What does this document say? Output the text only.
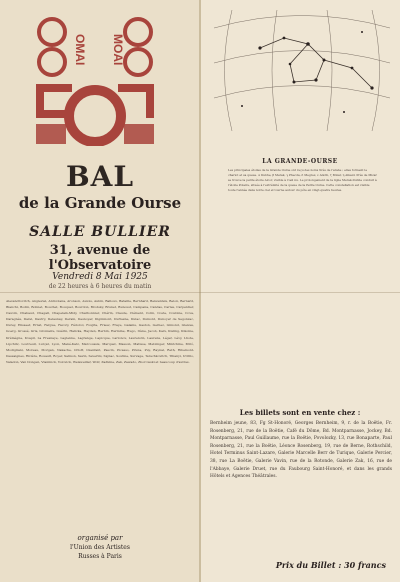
OMAI MOAI
BAL
de la Grande Ourse
SALLE BULLIER
31, avenue de l'Observatoire
Vendredi 8 Mai 1925
de 22 heures à 6 heures du matin
Alexandrovitch, Angleviel, Anticolana, Aronson, Aulois, Aubin, Balloux, Bataille, Bernhard, Benzenfels, Belon, Bernard, Bianchi, Bodin, Bolinet, Bouchet, Bouquet, Bourdon, Brodsky, Brunet, Bunoust, Campana, Candas, Carles, Carpentier, Cauvin, Chabaud, Chagall, Chapelain-Midy, Charbonnier, Chérin, Claude, Clément, Colin, Coste, Coubine, Cova, Daragnès, Darel, Dautry, Delaunay, Derain, Desnoyer, Dignimont, Dufresne, Dulac, Dumont, Dunoyer de Segonzac, Durey, Elisseef, Ernst, Fargue, Favory, Fédorov, Foujita, Friesz, Fraye, Galanis, Gaston, Gernez, Gimond, Gleizes, Goerg, Grossé, Gris, Gromaire, Guérin, Halicka, Hayden, Herbin, Hermine, Hugo, Irène, Jacob, Kars, Kisling, Kikoine, Krémègne, Kvapil, La Fresnaye, Laglenne, Lagrange, Lapicque, Larionov, Laurencin, Laurens, Léger, Lévy, Lhote, Lipchitz, Loutreuil, Lurçat, Lyon, Mané-Katz, Marcoussis, Marquet, Masson, Matisse, Metzinger, Mintchine, Miró, Modigliani, Moreau, Morgan, Nakache, Orloff, Ozenfant, Pascin, Picasso, Pruna, Puy, Raynal, Reth, Ribemont-Dessaignes, Rivière, Rouault, Royer, Salmon, Savin, Severini, Signac, Soutine, Survage, Terechkovitch, Tihanyi, Utrillo, Valadon, Van Dongen, Vlaminck, Volovick, Weisweiller, Wolf, Zadkine, Zak, Zawado, Zborowski et beaucoup d'autres.
organisé par
l'Union des Artistes
Russes à Paris
LA GRANDE-OURSE
Les principales étoiles de la Grande Ourse ont reçu des noms tirés de l'arabe ; elles forment le chariot et sa queue. α Dubhe, β Merak, γ Phecda, δ Megrez, ε Alioth, ζ Mizar, η Alkaid. Près de Mizar se trouve la petite étoile Alcor, visible à l'œil nu. Le prolongement de la ligne Merak-Dubhe conduit à l'étoile Polaire, située à l'extrémité de la queue de la Petite Ourse. Cette constellation est visible toute l'année dans notre ciel et tourne autour du pôle en vingt-quatre heures.
Les billets sont en vente chez :
Bernheim jeune, 83, Fg St-Honoré, Georges Bernheim, 9, r. de la Boëtie, Fr. Rosenberg, 21, rue de la Boëtie, Café du Dôme, Bd. Montparnasse, Jockey, Bd. Montparnasse, Paul Guillaume, rue la Boëtie, Povolozky, 13, rue Bonaparte, Paul Rosenberg, 21, rue la Boëtie, Léonce Rosenberg, 19, rue de Berne, Rothschild, Hotel Terminus Saint-Lazare, Galerie Marcelle Berr de Turique, Galerie Percier, 38, rue La Boëtie, Galerie Vavin, rue de la Rotonde, Galerie Zak, 16, rue de l'Abbaye, Galerie Druet, rue du Faubourg Saint-Honoré, et dans les grands Hôtels et Agences Théâtrales.
Prix du Billet : 30 francs
